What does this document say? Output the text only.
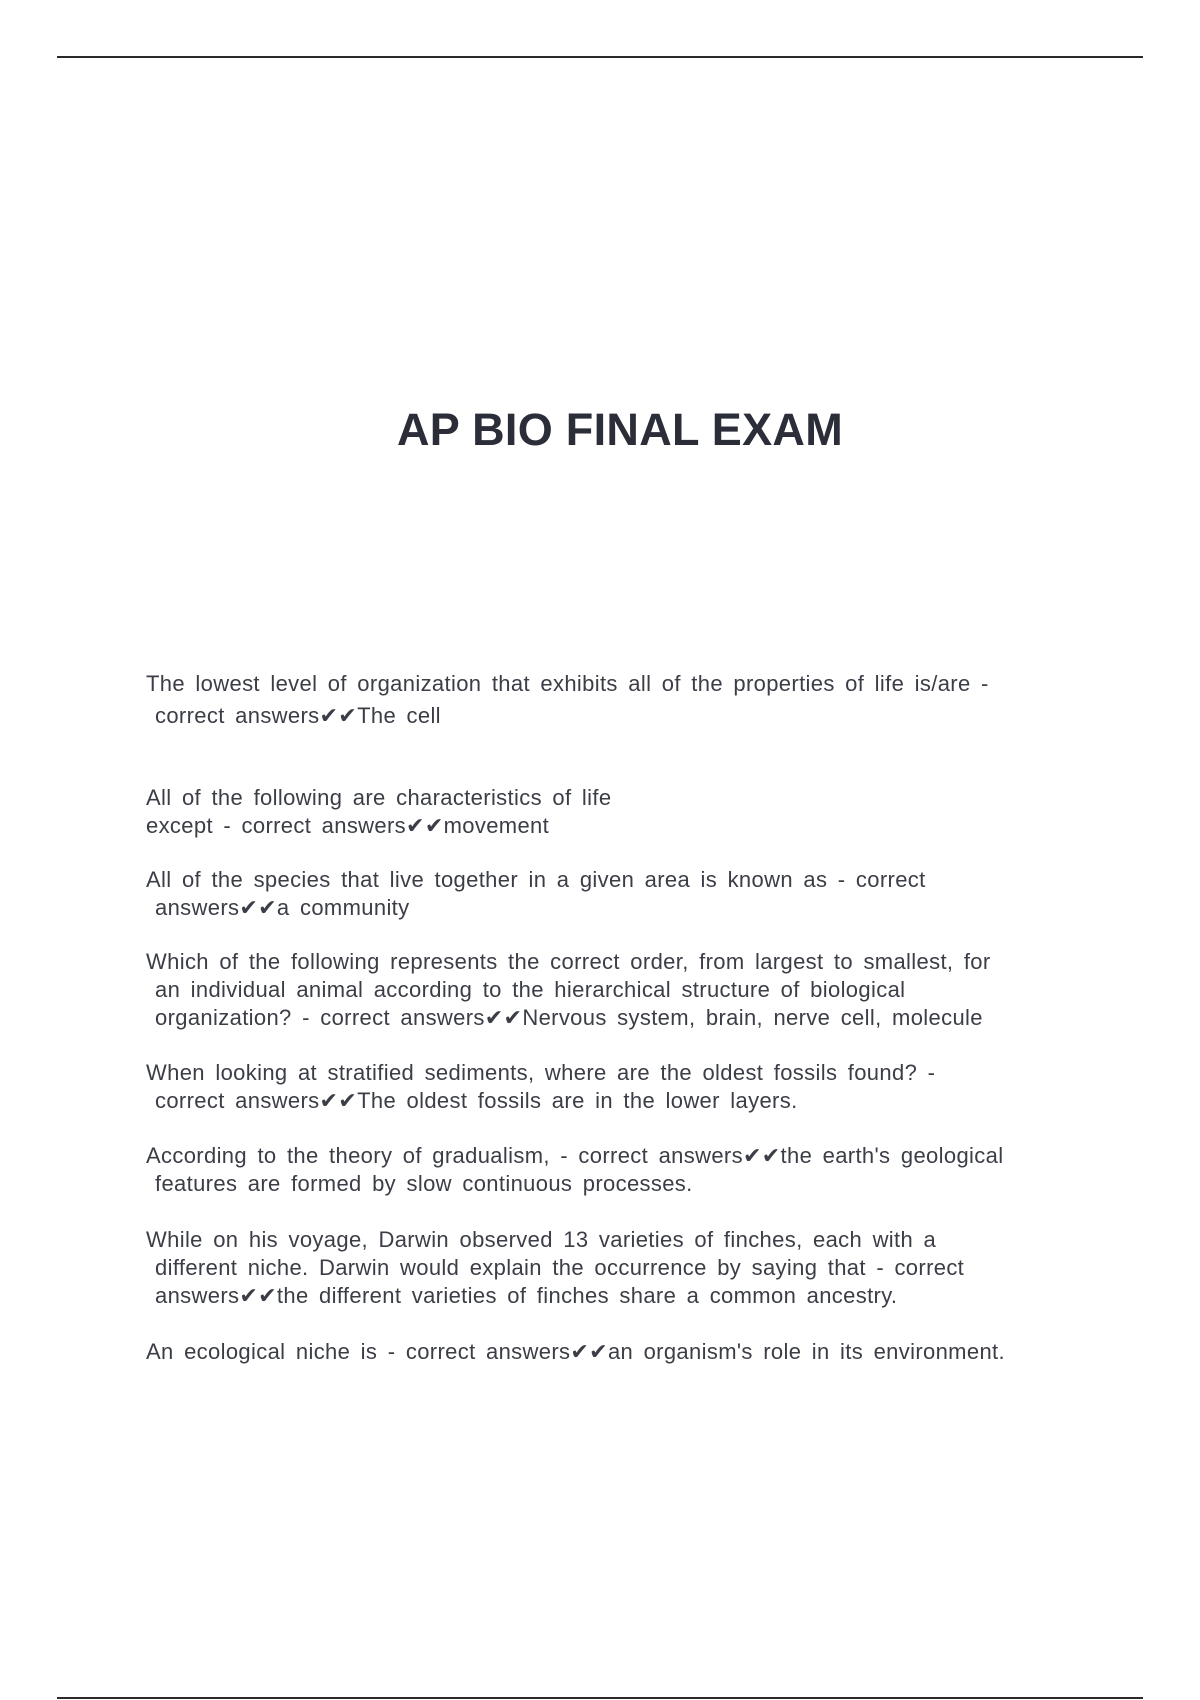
AP BIO FINAL EXAM
The lowest level of organization that exhibits all of the properties of life is/are -
correct answers✔✔The cell
All of the following are characteristics of life
except - correct answers✔✔movement
All of the species that live together in a given area is known as - correct
answers✔✔a community
Which of the following represents the correct order, from largest to smallest, for
an individual animal according to the hierarchical structure of biological
organization? - correct answers✔✔Nervous system, brain, nerve cell, molecule
When looking at stratified sediments, where are the oldest fossils found? -
correct answers✔✔The oldest fossils are in the lower layers.
According to the theory of gradualism, - correct answers✔✔the earth's geological
features are formed by slow continuous processes.
While on his voyage, Darwin observed 13 varieties of finches, each with a
different niche. Darwin would explain the occurrence by saying that - correct
answers✔✔the different varieties of finches share a common ancestry.
An ecological niche is - correct answers✔✔an organism's role in its environment.
